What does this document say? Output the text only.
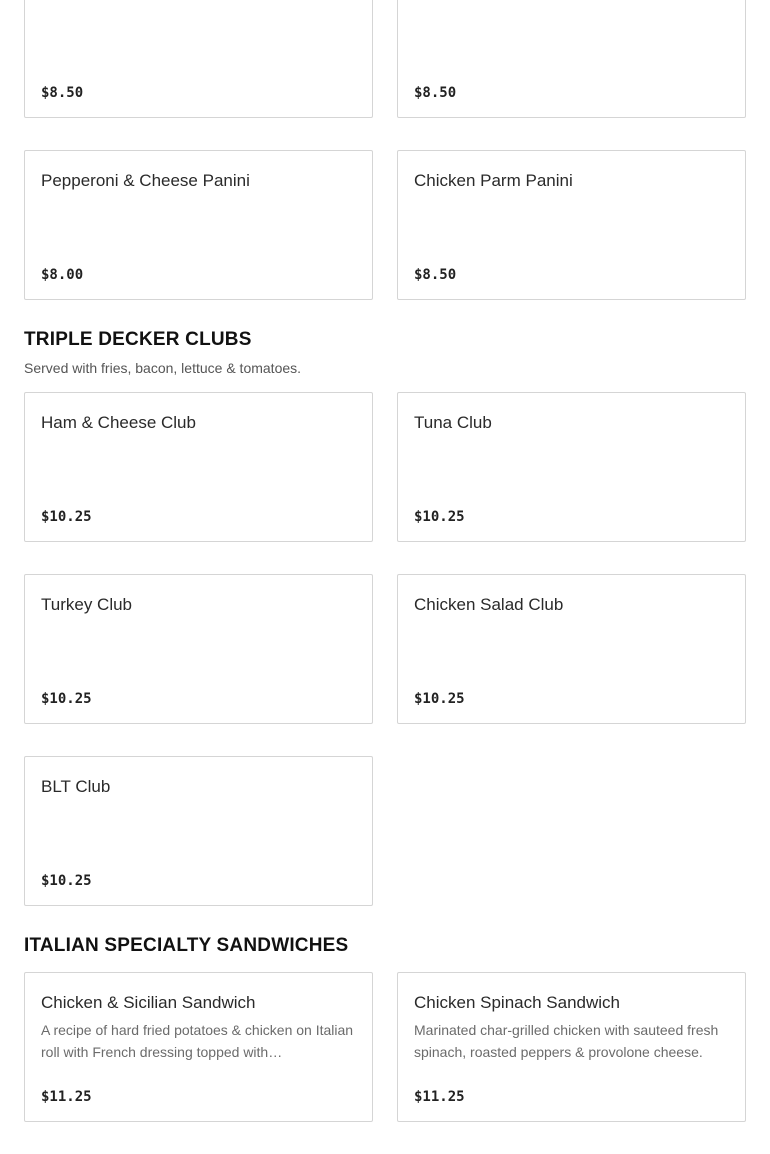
$8.50	$8.50
Pepperoni & Cheese Panini
$8.00
Chicken Parm Panini
$8.50
TRIPLE DECKER CLUBS
Served with fries, bacon, lettuce & tomatoes.
Ham & Cheese Club
$10.25
Tuna Club
$10.25
Turkey Club
$10.25
Chicken Salad Club
$10.25
BLT Club
$10.25
ITALIAN SPECIALTY SANDWICHES
Chicken & Sicilian Sandwich
A recipe of hard fried potatoes & chicken on Italian roll with French dressing topped with…
$11.25
Chicken Spinach Sandwich
Marinated char-grilled chicken with sauteed fresh spinach, roasted peppers & provolone cheese.
$11.25
